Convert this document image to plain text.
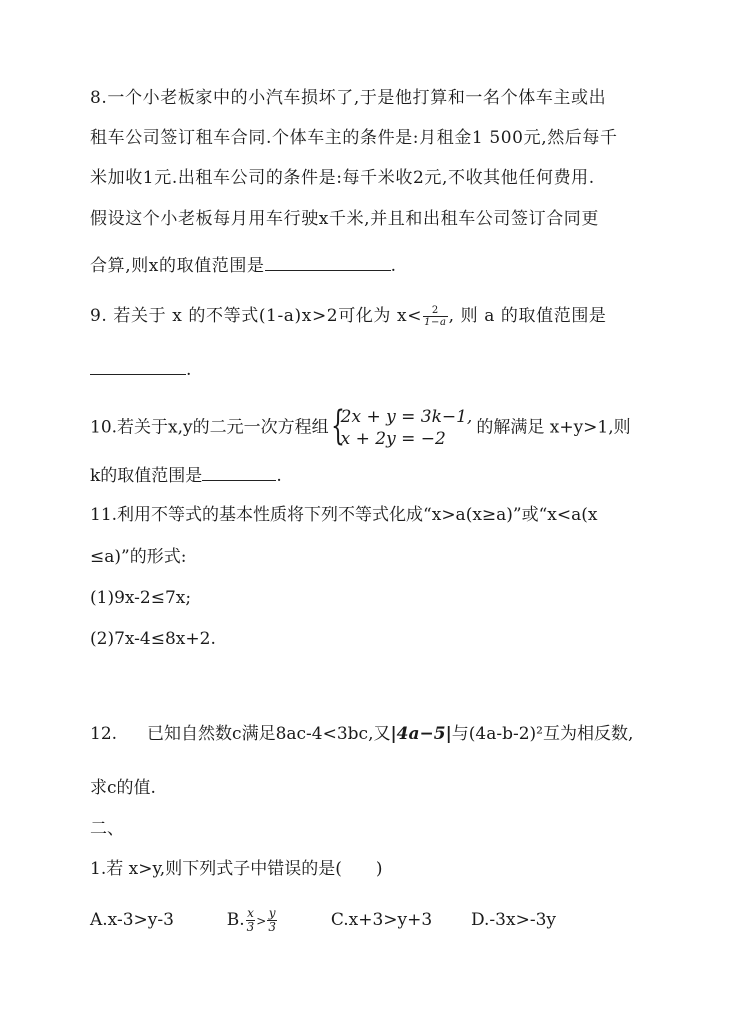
8.一个小老板家中的小汽车损坏了,于是他打算和一名个体车主或出
租车公司签订租车合同.个体车主的条件是:月租金1 500元,然后每千
米加收1元.出租车公司的条件是:每千米收2元,不收其他任何费用.
假设这个小老板每月用车行驶x千米,并且和出租车公司签订合同更
合算,则x的取值范围是	.
9. 若关于 x 的不等式(1-a)x>2可化为 $x< \frac{2}{1-a}$ , 则 a 的取值范围是
.
10.若关于x,y的二元一次方程组 {
2x + y = 3k−1,
x + 2y = −2
的解满足 x+y>1,则
k的取值范围是	.
11.利用不等式的基本性质将下列不等式化成“x>a(x≥a)”或“x<a(x
≤a)”的形式:
(1)9x-2≤7x;
(2)7x-4≤8x+2.
12. 已知自然数c满足8ac-4<3bc,又|4a−5|与(4a-b-2)²互为相反数,
求c的值.
二、
1.若 x>y,则下列式子中错误的是(　　)
A.x-3>y-3	B. $\frac{x}{3} > \frac{y}{3}$	C.x+3>y+3 D.-3x>-3y
